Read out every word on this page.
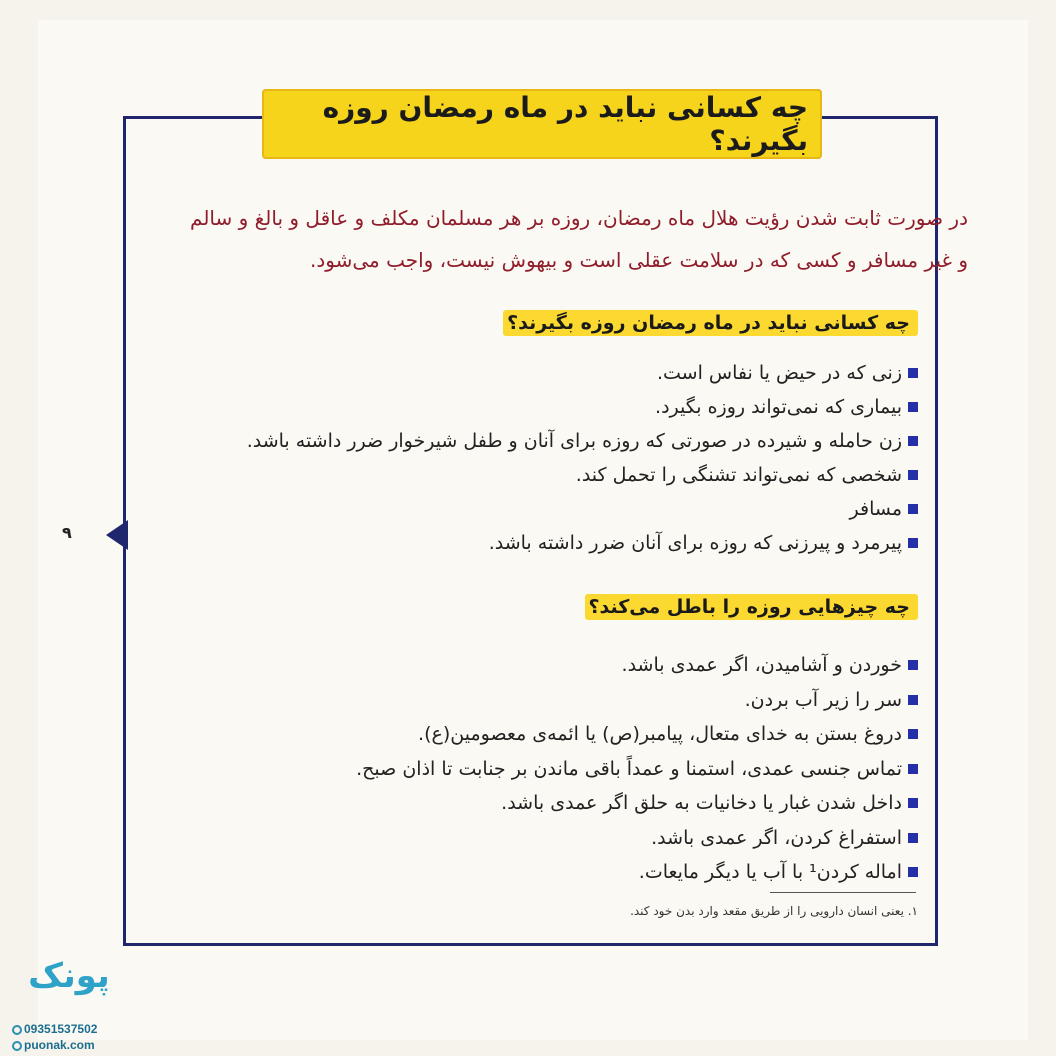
چه کسانی نباید در ماه رمضان روزه بگیرند؟
در صورت ثابت شدن رؤیت هلال ماه رمضان، روزه بر هر مسلمان مکلف و عاقل و بالغ و سالم
و غیر مسافر و کسی که در سلامت عقلی است و بیهوش نیست، واجب می‌شود.
چه کسانی نباید در ماه رمضان روزه بگیرند؟
زنی که در حیض یا نفاس است.
بیماری که نمی‌تواند روزه بگیرد.
زن حامله و شیرده در صورتی که روزه برای آنان و طفل شیرخوار ضرر داشته باشد.
شخصی که نمی‌تواند تشنگی را تحمل کند.
مسافر
پیرمرد و پیرزنی که روزه برای آنان ضرر داشته باشد.
چه چیزهایی روزه را باطل می‌کند؟
خوردن و آشامیدن، اگر عمدی باشد.
سر را زیر آب بردن.
دروغ بستن به خدای متعال، پیامبر(ص) یا ائمه‌ی معصومین(ع).
تماس جنسی عمدی، استمنا و عمداً باقی ماندن بر جنابت تا اذان صبح.
داخل شدن غبار یا دخانیات به حلق اگر عمدی باشد.
استفراغ کردن، اگر عمدی باشد.
اماله کردن¹ با آب یا دیگر مایعات.
۱. یعنی انسان دارویی را از طریق مقعد وارد بدن خود کند.
۹
پونک
09351537502
puonak.com
